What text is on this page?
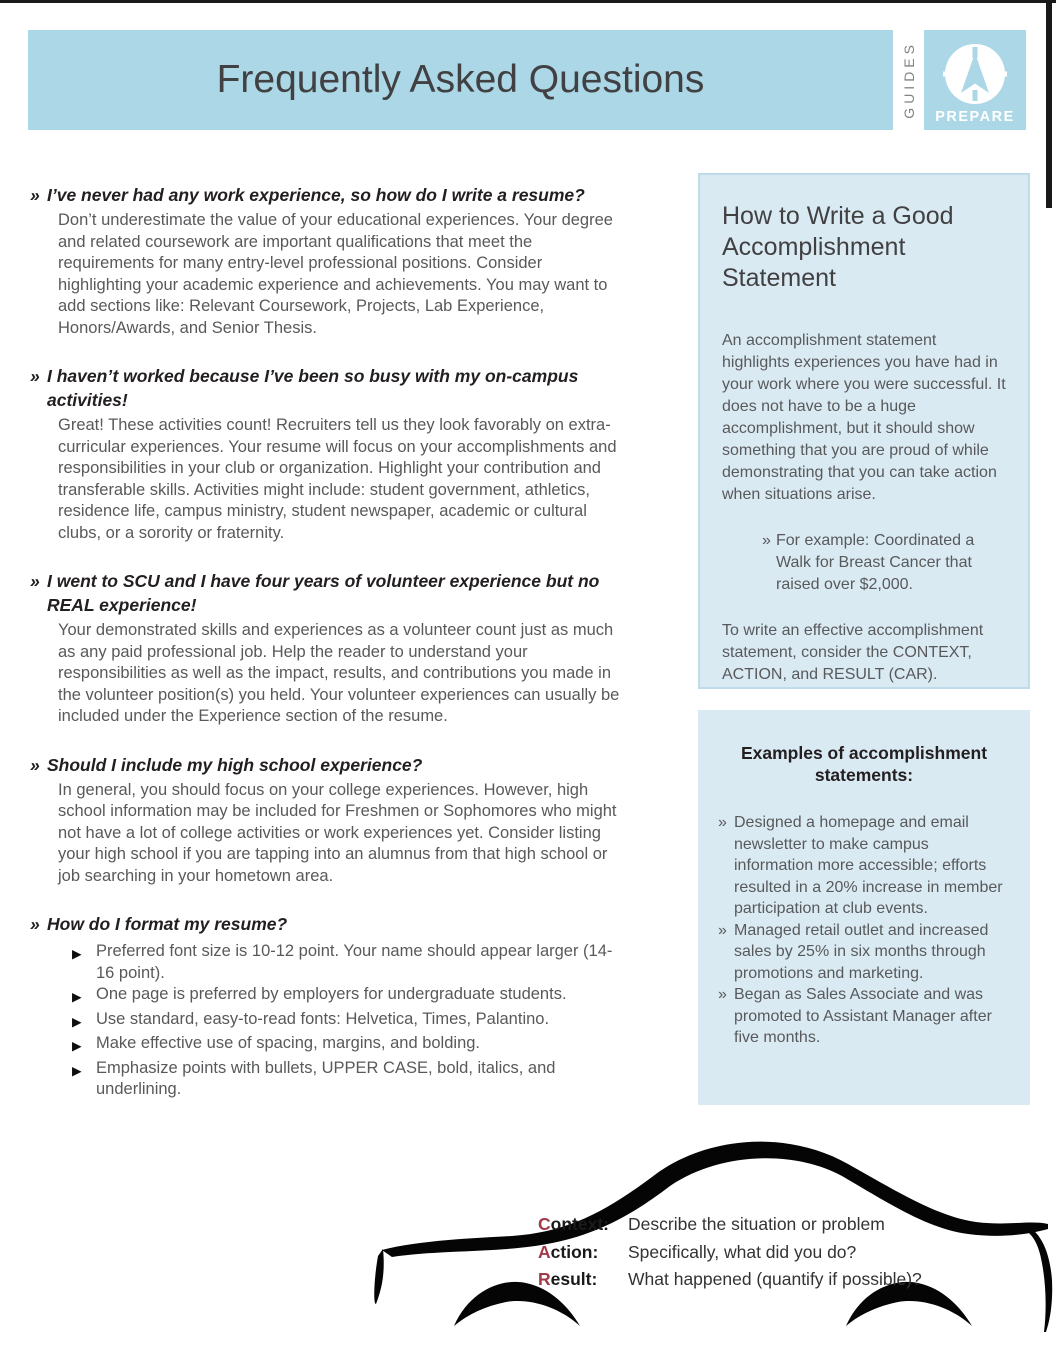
Frequently Asked Questions	GUIDES	PREPARE
» I’ve never had any work experience, so how do I write a resume?
Don’t underestimate the value of your educational experiences. Your degree and related coursework are important qualifications that meet the requirements for many entry-level professional positions. Consider highlighting your academic experience and achievements. You may want to add sections like: Relevant Coursework, Projects, Lab Experience, Honors/Awards, and Senior Thesis.
» I haven’t worked because I’ve been so busy with my on-campus activities!
Great! These activities count! Recruiters tell us they look favorably on extra-curricular experiences. Your resume will focus on your accomplishments and responsibilities in your club or organization. Highlight your contribution and transferable skills. Activities might include: student government, athletics, residence life, campus ministry, student newspaper, academic or cultural clubs, or a sorority or fraternity.
» I went to SCU and I have four years of volunteer experience but no REAL experience!
Your demonstrated skills and experiences as a volunteer count just as much as any paid professional job. Help the reader to understand your responsibilities as well as the impact, results, and contributions you made in the volunteer position(s) you held. Your volunteer experiences can usually be included under the Experience section of the resume.
» Should I include my high school experience?
In general, you should focus on your college experiences. However, high school information may be included for Freshmen or Sophomores who might not have a lot of college activities or work experiences yet. Consider listing your high school if you are tapping into an alumnus from that high school or job searching in your hometown area.
» How do I format my resume?
▶ Preferred font size is 10-12 point. Your name should appear larger (14-16 point).
▶ One page is preferred by employers for undergraduate students.
▶ Use standard, easy-to-read fonts: Helvetica, Times, Palantino.
▶ Make effective use of spacing, margins, and bolding.
▶ Emphasize points with bullets, UPPER CASE, bold, italics, and underlining.
How to Write a Good Accomplishment Statement
An accomplishment statement highlights experiences you have had in your work where you were successful. It does not have to be a huge accomplishment, but it should show something that you are proud of while demonstrating that you can take action when situations arise.
» For example: Coordinated a Walk for Breast Cancer that raised over $2,000.
To write an effective accomplishment statement, consider the CONTEXT, ACTION, and RESULT (CAR).
Examples of accomplishment statements:
» Designed a homepage and email newsletter to make campus information more accessible; efforts resulted in a 20% increase in member participation at club events.
» Managed retail outlet and increased sales by 25% in six months through promotions and marketing.
» Began as Sales Associate and was promoted to Assistant Manager after five months.
Context:	Describe the situation or problem
Action:	Specifically, what did you do?
Result:	What happened (quantify if possible)?
